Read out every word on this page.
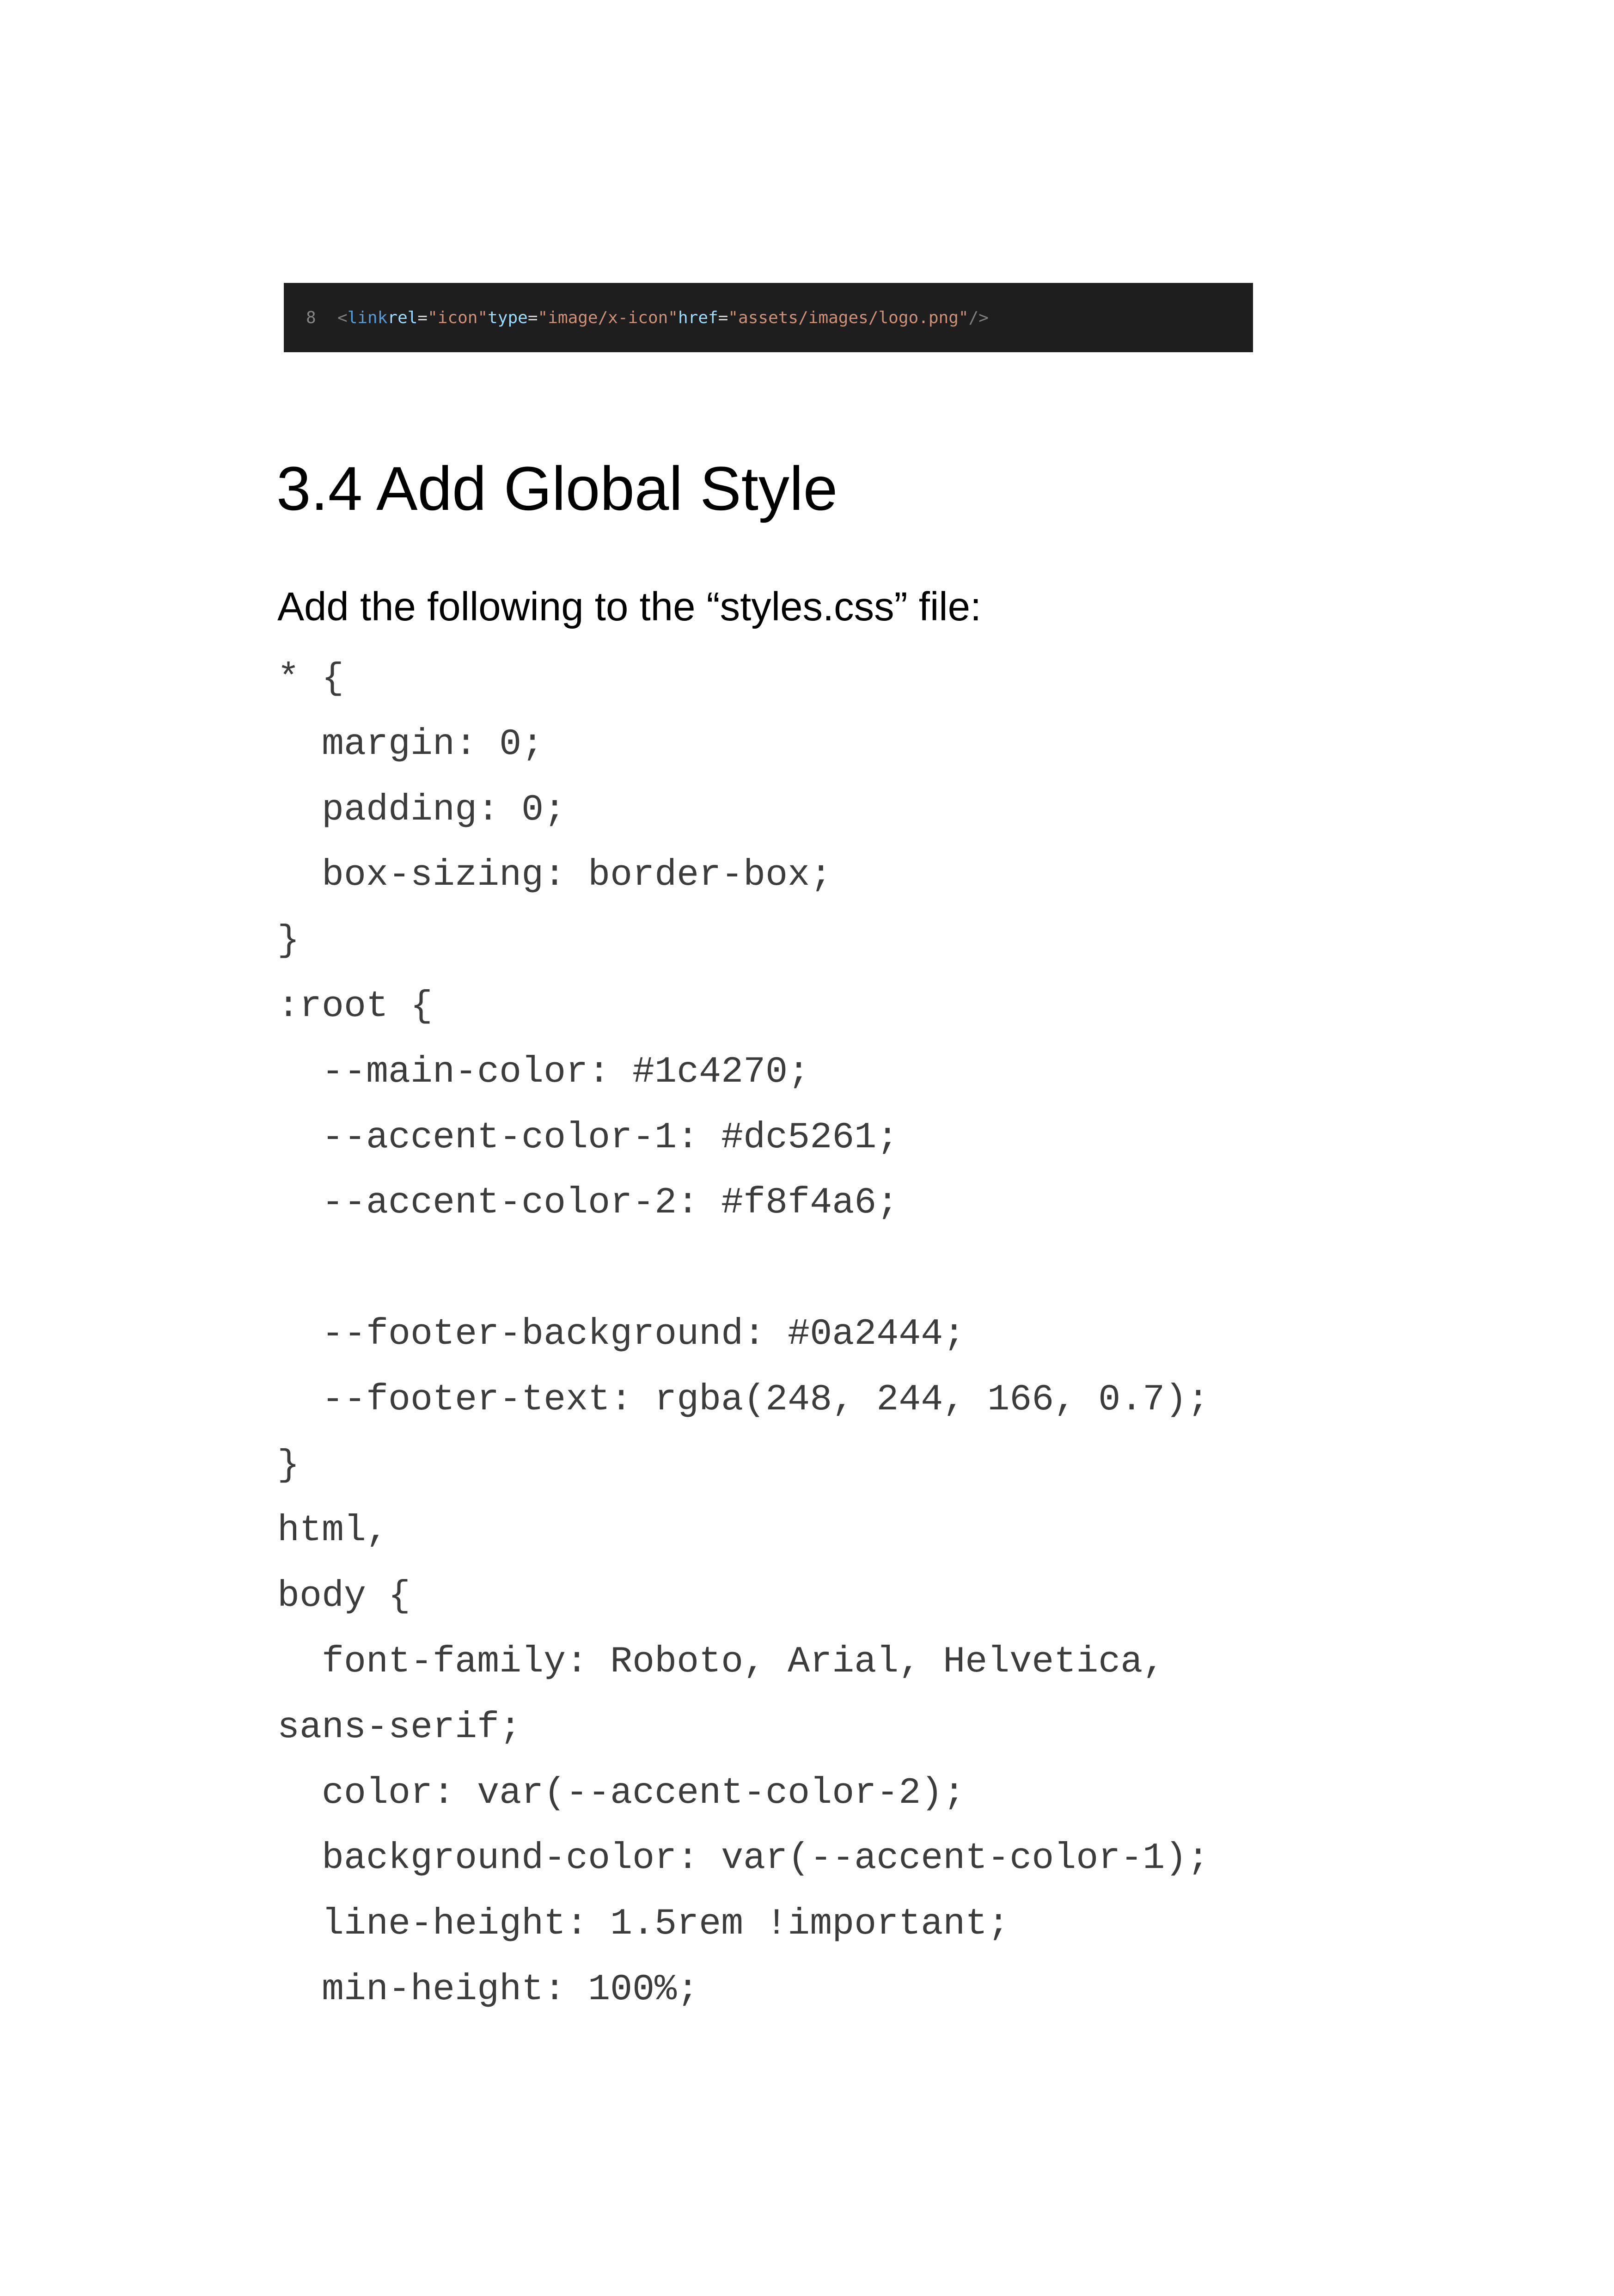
8	< link rel = "icon" type = "image/x-icon" href = "assets/images/logo.png" />
3.4 Add Global Style

Add the following to the “styles.css” file:

* {
margin: 0;
padding: 0;
box-sizing: border-box;
}
:root {
--main-color: #1c4270;
--accent-color-1: #dc5261;
--accent-color-2: #f8f4a6;
--footer-background: #0a2444;
--footer-text: rgba(248, 244, 166, 0.7);
}
html,
body {
font-family: Roboto, Arial, Helvetica,
sans-serif;
color: var(--accent-color-2);
background-color: var(--accent-color-1);
line-height: 1.5rem !important;
min-height: 100%;
